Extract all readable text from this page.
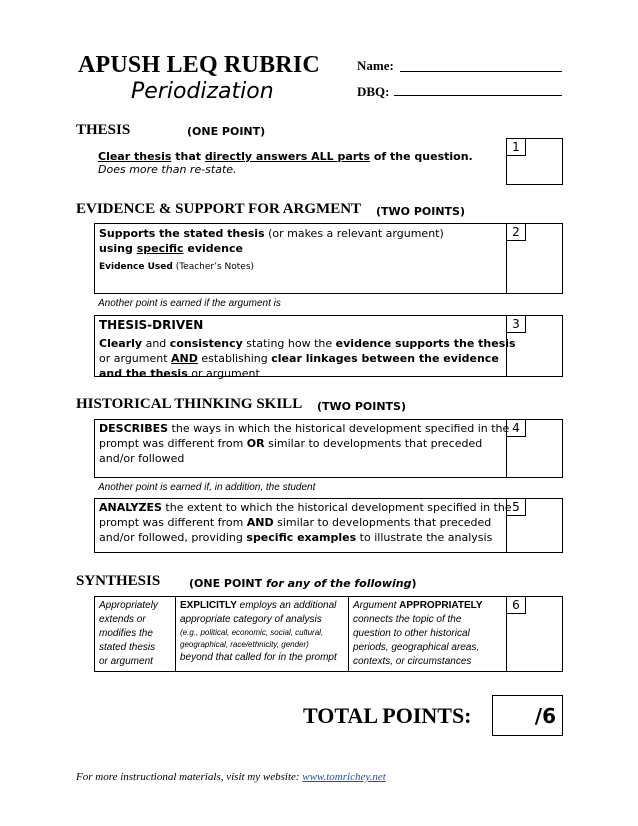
APUSH LEQ RUBRIC
Periodization
Name:
DBQ:
THESIS	(ONE POINT)
Clear thesis that directly answers ALL parts of the question.
Does more than re-state.
1
EVIDENCE & SUPPORT FOR ARGMENT (TWO POINTS)
2
Supports the stated thesis (or makes a relevant argument)
using specific evidence
Evidence Used (Teacher’s Notes)
Another point is earned if the argument is
3
THESIS-DRIVEN
Clearly and consistency stating how the evidence supports the thesis
or argument AND establishing clear linkages between the evidence
and the thesis or argument
HISTORICAL THINKING SKILL (TWO POINTS)
4
DESCRIBES the ways in which the historical development specified in the
prompt was different from OR similar to developments that preceded
and/or followed
Another point is earned if, in addition, the student
5
ANALYZES the extent to which the historical development specified in the
prompt was different from AND similar to developments that preceded
and/or followed, providing specific examples to illustrate the analysis
SYNTHESIS	(ONE POINT for any of the following)
6
Appropriately
extends or
modifies the
stated thesis
or argument
EXPLICITLY employs an additional
appropriate category of analysis
(e.g., political, economic, social, cultural,
geographical, race/ethnicity, gender)
beyond that called for in the prompt
Argument APPROPRIATELY
connects the topic of the
question to other historical
periods, geographical areas,
contexts, or circumstances
TOTAL POINTS:	/6
For more instructional materials, visit my website: www.tomrichey.net
